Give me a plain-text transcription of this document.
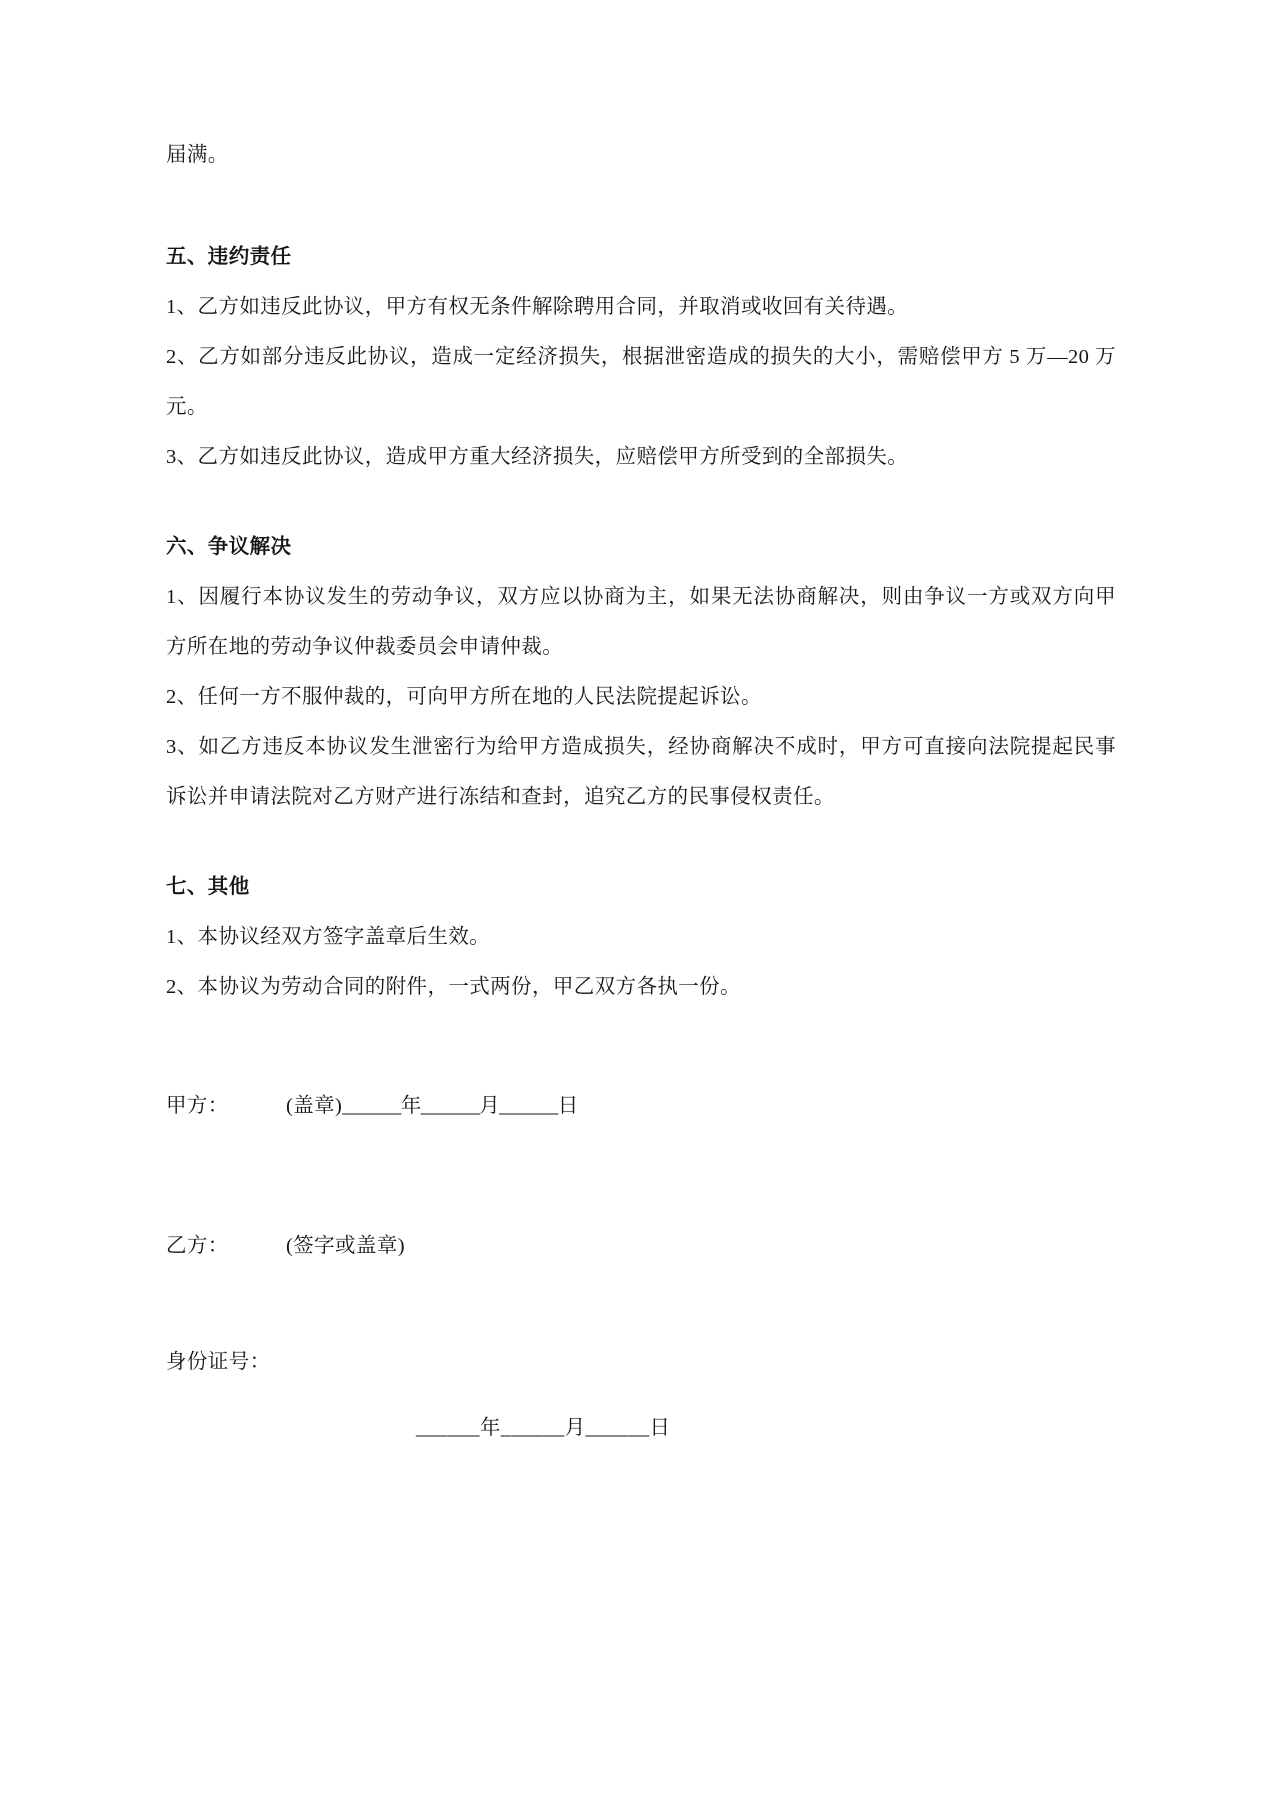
届满。

五、违约责任

1、乙方如违反此协议，甲方有权无条件解除聘用合同，并取消或收回有关待遇。

2、乙方如部分违反此协议，造成一定经济损失，根据泄密造成的损失的大小，需赔偿甲方 5 万—20 万元。

3、乙方如违反此协议，造成甲方重大经济损失，应赔偿甲方所受到的全部损失。

六、争议解决

1、因履行本协议发生的劳动争议，双方应以协商为主，如果无法协商解决，则由争议一方或双方向甲方所在地的劳动争议仲裁委员会申请仲裁。

2、任何一方不服仲裁的，可向甲方所在地的人民法院提起诉讼。

3、如乙方违反本协议发生泄密行为给甲方造成损失，经协商解决不成时，甲方可直接向法院提起民事诉讼并申请法院对乙方财产进行冻结和查封，追究乙方的民事侵权责任。

七、其他

1、本协议经双方签字盖章后生效。

2、本协议为劳动合同的附件，一式两份，甲乙双方各执一份。

甲方：	(盖章)______年______月______日
乙方：	(签字或盖章)
身份证号：
______年______月______日
